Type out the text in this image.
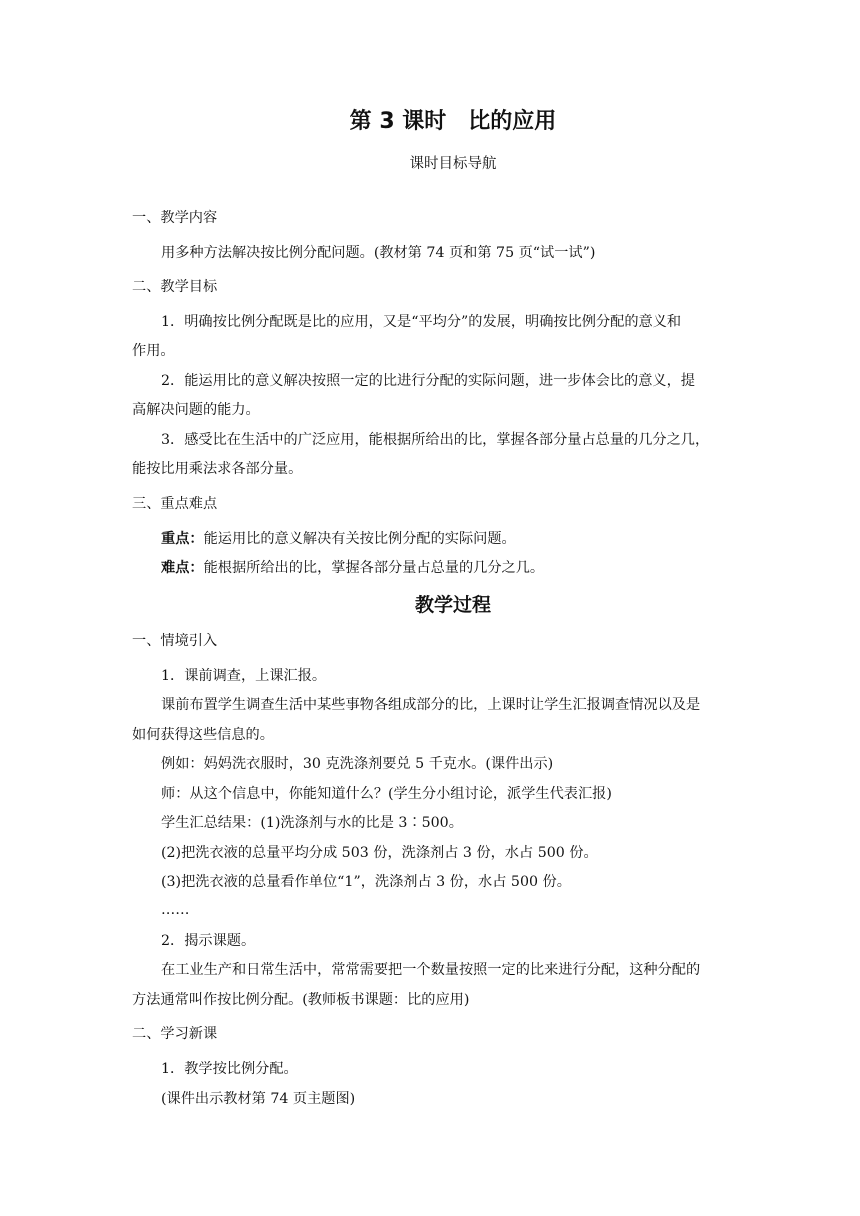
第 3 课时　比的应用
课时目标导航
一、教学内容
用多种方法解决按比例分配问题。(教材第 74 页和第 75 页“试一试”)
二、教学目标
1．明确按比例分配既是比的应用，又是“平均分”的发展，明确按比例分配的意义和
作用。
2．能运用比的意义解决按照一定的比进行分配的实际问题，进一步体会比的意义，提
高解决问题的能力。
3．感受比在生活中的广泛应用，能根据所给出的比，掌握各部分量占总量的几分之几，
能按比用乘法求各部分量。
三、重点难点
重点：能运用比的意义解决有关按比例分配的实际问题。
难点：能根据所给出的比，掌握各部分量占总量的几分之几。
教学过程
一、情境引入
1．课前调查，上课汇报。
课前布置学生调查生活中某些事物各组成部分的比，上课时让学生汇报调查情况以及是
如何获得这些信息的。
例如：妈妈洗衣服时，30 克洗涤剂要兑 5 千克水。(课件出示)
师：从这个信息中，你能知道什么？(学生分小组讨论，派学生代表汇报)
学生汇总结果：(1)洗涤剂与水的比是 3∶500。
(2)把洗衣液的总量平均分成 503 份，洗涤剂占 3 份，水占 500 份。
(3)把洗衣液的总量看作单位“1”，洗涤剂占 3 份，水占 500 份。
……
2．揭示课题。
在工业生产和日常生活中，常常需要把一个数量按照一定的比来进行分配，这种分配的
方法通常叫作按比例分配。(教师板书课题：比的应用)
二、学习新课
1．教学按比例分配。
(课件出示教材第 74 页主题图)
